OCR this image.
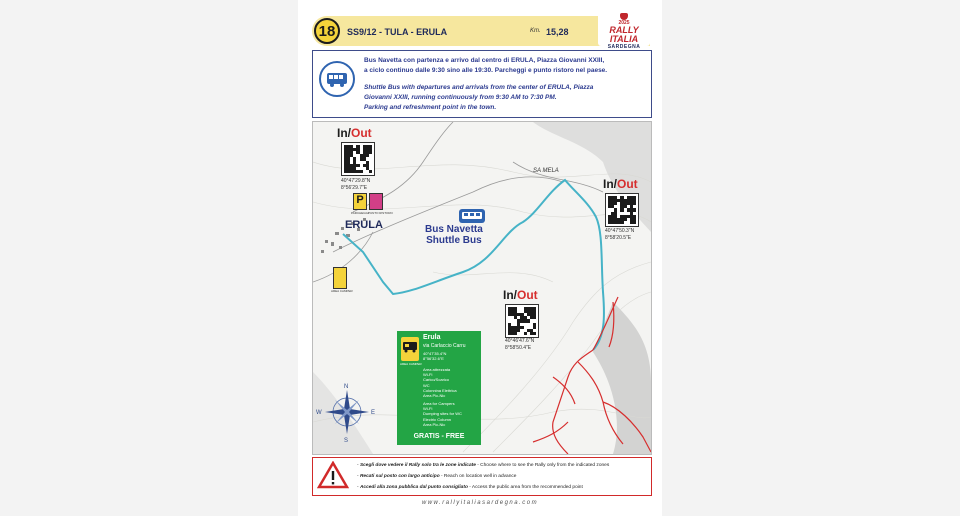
18	SS9/12 - TULA - ERULA	Km. 15,28
2025
RALLY ITALIA
SARDEGNA
Bus Navetta con partenza e arrivo dal centro di ERULA, Piazza Giovanni XXIII,
a ciclo continuo dalle 9:30 sino alle 19:30. Parcheggi e punto ristoro nel paese.
Shuttle Bus with departures and arrivals from the center of ERULA, Piazza
Giovanni XXIII, running continuously from 9:30 AM to 7:30 PM.
Parking and refreshment point in the town.
N
S
E
W
ERULA
SA MELA
P
PARCHEGGI PUNTO RISTORO
Bus Navetta
Shuttle Bus
AREA CAMPER
In/Out
40°47'29.8"N
8°56'29.7"E	In/Out
40°47'50.3"N
8°58'20.5"E
In/Out
40°46'47.6"N
8°58'50.4"E
AREA CAMPER
Erula
via Carlaccio Carru
40°47'35.4"N
8°56'32.6"E
Area attrezzata
Wi-Fi
Carico/Scarico
WC
Colonnina Elettrica
Area Pic-Nic
Area for Campers
Wi-Fi
Dumping sites for WC
Electric Column
Area Pic-Nic
GRATIS - FREE
- Scegli dove vedere il Rally solo tra le zone indicate - Choose where to see the Rally only from the indicated zones
- Recati sul posto con largo anticipo - Reach on location well in advance
- Accedi alla zona pubblica dal punto consigliato - Access the public area from the recommended point
www.rallyitaliasardegna.com
